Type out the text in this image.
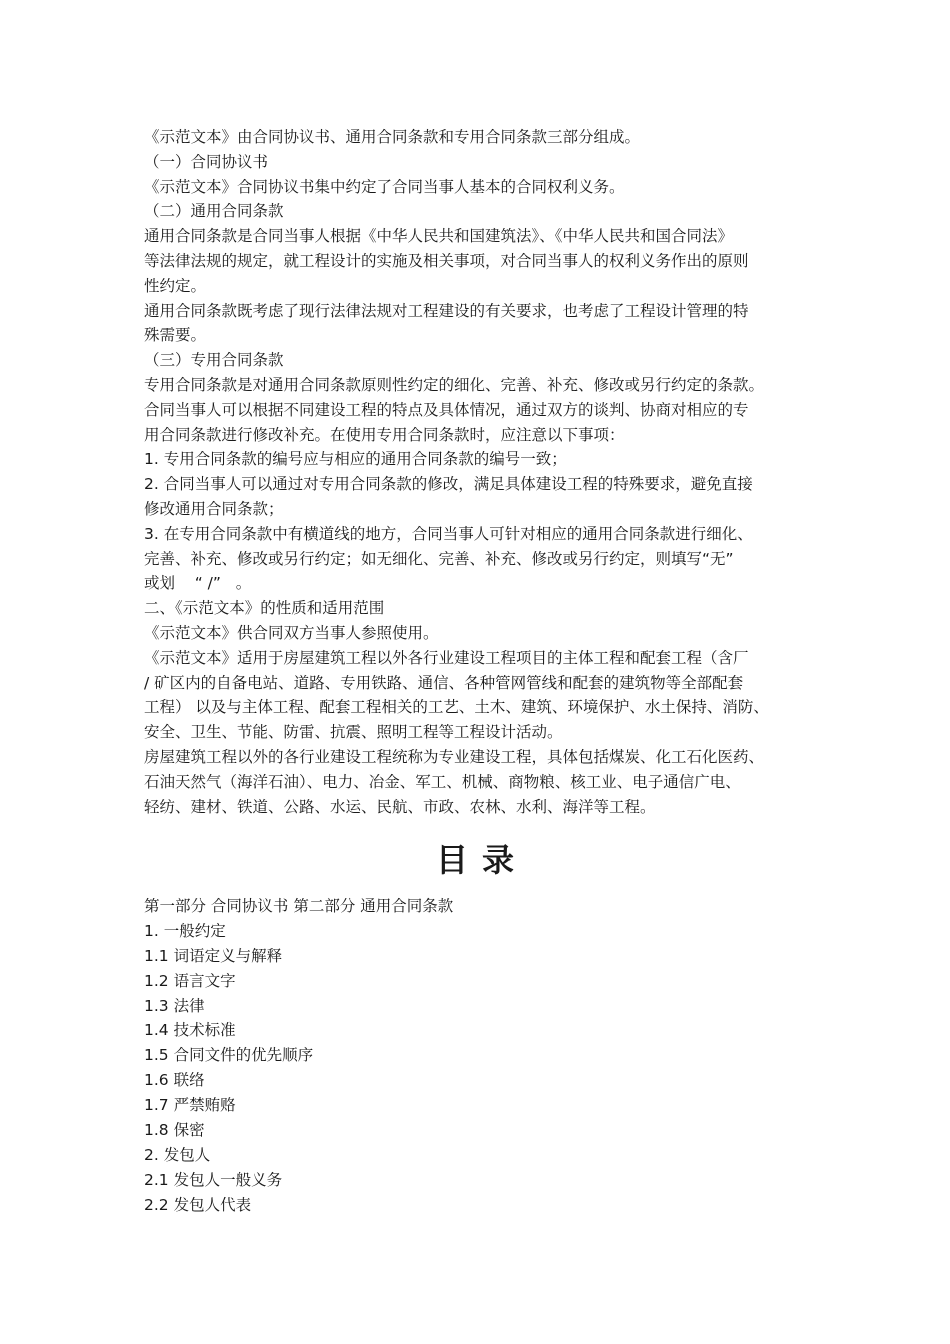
《示范文本》由合同协议书、通用合同条款和专用合同条款三部分组成。
（一）合同协议书
《示范文本》合同协议书集中约定了合同当事人基本的合同权利义务。
（二）通用合同条款
通用合同条款是合同当事人根据《中华人民共和国建筑法》、《中华人民共和国合同法》
等法律法规的规定，就工程设计的实施及相关事项，对合同当事人的权利义务作出的原则
性约定。
通用合同条款既考虑了现行法律法规对工程建设的有关要求，也考虑了工程设计管理的特
殊需要。
（三）专用合同条款
专用合同条款是对通用合同条款原则性约定的细化、完善、补充、修改或另行约定的条款。
合同当事人可以根据不同建设工程的特点及具体情况，通过双方的谈判、协商对相应的专
用合同条款进行修改补充。在使用专用合同条款时，应注意以下事项：
1. 专用合同条款的编号应与相应的通用合同条款的编号一致；
2. 合同当事人可以通过对专用合同条款的修改，满足具体建设工程的特殊要求，避免直接
修改通用合同条款；
3. 在专用合同条款中有横道线的地方，合同当事人可针对相应的通用合同条款进行细化、
完善、补充、修改或另行约定；如无细化、完善、补充、修改或另行约定，则填写“无”
或划    “ /”   。
二、《示范文本》的性质和适用范围
《示范文本》供合同双方当事人参照使用。
《示范文本》适用于房屋建筑工程以外各行业建设工程项目的主体工程和配套工程（含厂
/ 矿区内的自备电站、道路、专用铁路、通信、各种管网管线和配套的建筑物等全部配套
工程） 以及与主体工程、配套工程相关的工艺、土木、建筑、环境保护、水土保持、消防、
安全、卫生、节能、防雷、抗震、照明工程等工程设计活动。
房屋建筑工程以外的各行业建设工程统称为专业建设工程，具体包括煤炭、化工石化医药、
石油天然气（海洋石油）、电力、冶金、军工、机械、商物粮、核工业、电子通信广电、
轻纺、建材、铁道、公路、水运、民航、市政、农林、水利、海洋等工程。
目录
第一部分 合同协议书 第二部分 通用合同条款
1. 一般约定
1.1 词语定义与解释
1.2 语言文字
1.3 法律
1.4 技术标准
1.5 合同文件的优先顺序
1.6 联络
1.7 严禁贿赂
1.8 保密
2. 发包人
2.1 发包人一般义务
2.2 发包人代表
